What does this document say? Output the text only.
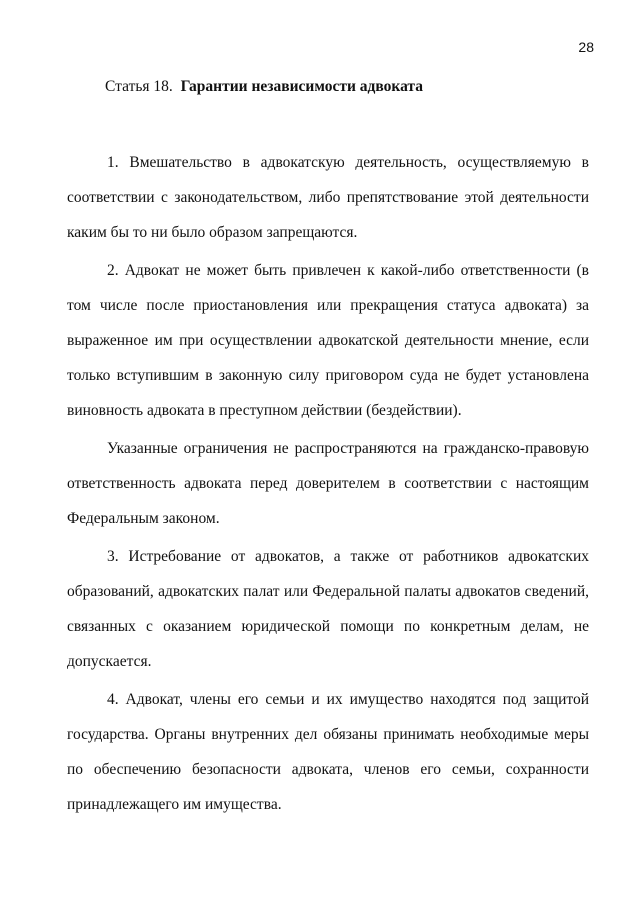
28
Статья 18. Гарантии независимости адвоката

1. Вмешательство в адвокатскую деятельность, осуществляемую в соответствии с законодательством, либо препятствование этой деятельности каким бы то ни было образом запрещаются.

2. Адвокат не может быть привлечен к какой-либо ответственности (в том числе после приостановления или прекращения статуса адвоката) за выраженное им при осуществлении адвокатской деятельности мнение, если только вступившим в законную силу приговором суда не будет установлена виновность адвоката в преступном действии (бездействии).

Указанные ограничения не распространяются на гражданско-правовую ответственность адвоката перед доверителем в соответствии с настоящим Федеральным законом.

3. Истребование от адвокатов, а также от работников адвокатских образований, адвокатских палат или Федеральной палаты адвокатов сведений, связанных с оказанием юридической помощи по конкретным делам, не допускается.

4. Адвокат, члены его семьи и их имущество находятся под защитой государства. Органы внутренних дел обязаны принимать необходимые меры по обеспечению безопасности адвоката, членов его семьи, сохранности принадлежащего им имущества.
